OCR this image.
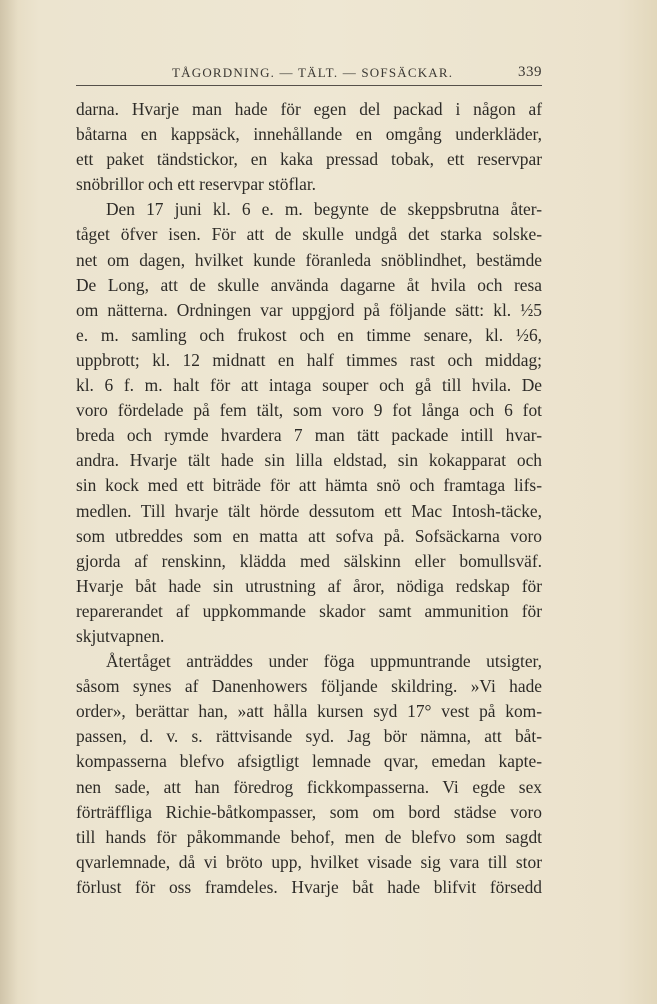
TÅGORDNING. — TÄLT. — SOFSÄCKAR.	339
darna. Hvarje man hade för egen del packad i någon af
båtarna en kappsäck, innehållande en omgång underkläder,
ett paket tändstickor, en kaka pressad tobak, ett reservpar
snöbrillor och ett reservpar stöflar.
Den 17 juni kl. 6 e. m. begynte de skeppsbrutna åter-
tåget öfver isen. För att de skulle undgå det starka solske-
net om dagen, hvilket kunde föranleda snöblindhet, bestämde
De Long, att de skulle använda dagarne åt hvila och resa
om nätterna. Ordningen var uppgjord på följande sätt: kl. ½5
e. m. samling och frukost och en timme senare, kl. ½6,
uppbrott; kl. 12 midnatt en half timmes rast och middag;
kl. 6 f. m. halt för att intaga souper och gå till hvila. De
voro fördelade på fem tält, som voro 9 fot långa och 6 fot
breda och rymde hvardera 7 man tätt packade intill hvar-
andra. Hvarje tält hade sin lilla eldstad, sin kokapparat och
sin kock med ett biträde för att hämta snö och framtaga lifs-
medlen. Till hvarje tält hörde dessutom ett Mac Intosh-täcke,
som utbreddes som en matta att sofva på. Sofsäckarna voro
gjorda af renskinn, klädda med sälskinn eller bomullsväf.
Hvarje båt hade sin utrustning af åror, nödiga redskap för
reparerandet af uppkommande skador samt ammunition för
skjutvapnen.
Återtåget anträddes under föga uppmuntrande utsigter,
såsom synes af Danenhowers följande skildring. »Vi hade
order», berättar han, »att hålla kursen syd 17° vest på kom-
passen, d. v. s. rättvisande syd. Jag bör nämna, att båt-
kompasserna blefvo afsigtligt lemnade qvar, emedan kapte-
nen sade, att han föredrog fickkompasserna. Vi egde sex
förträffliga Richie-båtkompasser, som om bord städse voro
till hands för påkommande behof, men de blefvo som sagdt
qvarlemnade, då vi bröto upp, hvilket visade sig vara till stor
förlust för oss framdeles. Hvarje båt hade blifvit försedd
